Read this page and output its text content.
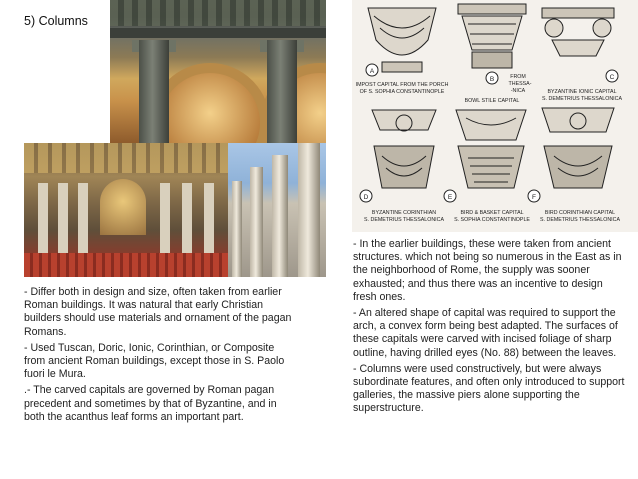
5) Columns
A
B	C
D	E	F
IMPOST CAPITAL FROM THE PORCH
OF S. SOPHIA CONSTANTINOPLE
FROM
THESSA-
-NICA	BYZANTINE IONIC CAPITAL
S. DEMETRIUS THESSALONICA
BOWL STILE CAPITAL
BYZANTINE CORINTHIAN
S. DEMETRIUS THESSALONICA
BIRD & BASKET CAPITAL
S. SOPHIA CONSTANTINOPLE
BIRD CORINTHIAN CAPITAL
S. DEMETRIUS THESSALONICA

- Differ both in design and size, often taken from earlier Roman buildings. It was natural that early Christian builders should use materials and ornament of the pagan Romans.

- Used Tuscan, Doric, Ionic, Corinthian, or Composite from ancient Roman buildings, except those in S. Paolo fuori le Mura.

.- The carved capitals are governed by Roman pagan precedent and sometimes by that of Byzantine, and in both the acanthus leaf forms an important part.

- In the earlier buildings, these were taken from ancient structures. which not being so numerous in the East as in the neighborhood of Rome, the supply was sooner exhausted; and thus there was an incentive to design fresh ones.

- An altered shape of capital was required to support the arch, a convex form being best adapted. The surfaces of these capitals were carved with incised foliage of sharp outline, having drilled eyes (No. 88) between the leaves.

- Columns were used constructively, but were always subordinate features, and often only introduced to support galleries, the massive piers alone supporting the superstructure.
